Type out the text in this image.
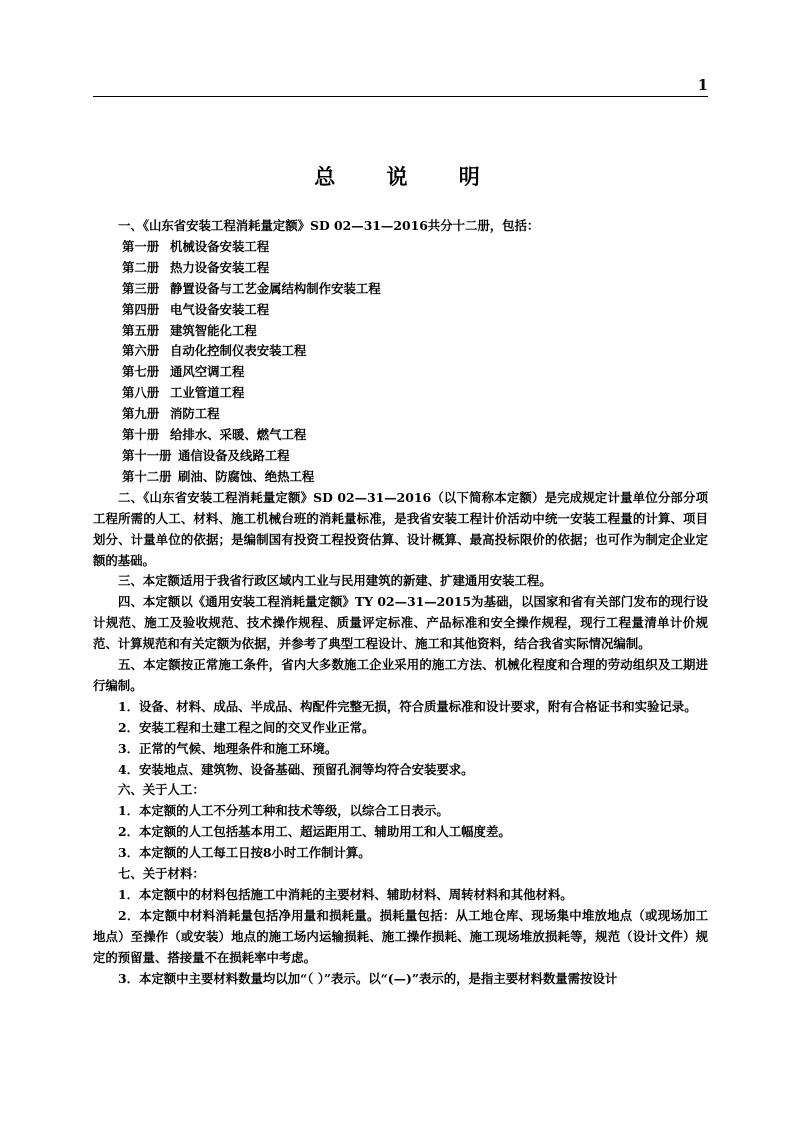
1
总 说 明

一、《山东省安装工程消耗量定额》SD 02—31—2016共分十二册，包括：

第一册 机械设备安装工程

第二册 热力设备安装工程

第三册 静置设备与工艺金属结构制作安装工程

第四册 电气设备安装工程

第五册 建筑智能化工程

第六册 自动化控制仪表安装工程

第七册 通风空调工程

第八册 工业管道工程

第九册 消防工程

第十册 给排水、采暖、燃气工程

第十一册 通信设备及线路工程

第十二册 刷油、防腐蚀、绝热工程

二、《山东省安装工程消耗量定额》SD 02—31—2016（以下简称本定额）是完成规定计量单位分部分项工程所需的人工、材料、施工机械台班的消耗量标准，是我省安装工程计价活动中统一安装工程量的计算、项目划分、计量单位的依据；是编制国有投资工程投资估算、设计概算、最高投标限价的依据；也可作为制定企业定额的基础。

三、本定额适用于我省行政区域内工业与民用建筑的新建、扩建通用安装工程。

四、本定额以《通用安装工程消耗量定额》TY 02—31—2015为基础，以国家和省有关部门发布的现行设计规范、施工及验收规范、技术操作规程、质量评定标准、产品标准和安全操作规程，现行工程量清单计价规范、计算规范和有关定额为依据，并参考了典型工程设计、施工和其他资料，结合我省实际情况编制。

五、本定额按正常施工条件，省内大多数施工企业采用的施工方法、机械化程度和合理的劳动组织及工期进行编制。

1．设备、材料、成品、半成品、构配件完整无损，符合质量标准和设计要求，附有合格证书和实验记录。

2．安装工程和土建工程之间的交叉作业正常。

3．正常的气候、地理条件和施工环境。

4．安装地点、建筑物、设备基础、预留孔洞等均符合安装要求。

六、关于人工：

1．本定额的人工不分列工种和技术等级，以综合工日表示。

2．本定额的人工包括基本用工、超运距用工、辅助用工和人工幅度差。

3．本定额的人工每工日按8小时工作制计算。

七、关于材料：

1．本定额中的材料包括施工中消耗的主要材料、辅助材料、周转材料和其他材料。

2．本定额中材料消耗量包括净用量和损耗量。损耗量包括：从工地仓库、现场集中堆放地点（或现场加工地点）至操作（或安装）地点的施工场内运输损耗、施工操作损耗、施工现场堆放损耗等，规范（设计文件）规定的预留量、搭接量不在损耗率中考虑。

3．本定额中主要材料数量均以加“（ ）”表示。以“(—)”表示的，是指主要材料数量需按设计
